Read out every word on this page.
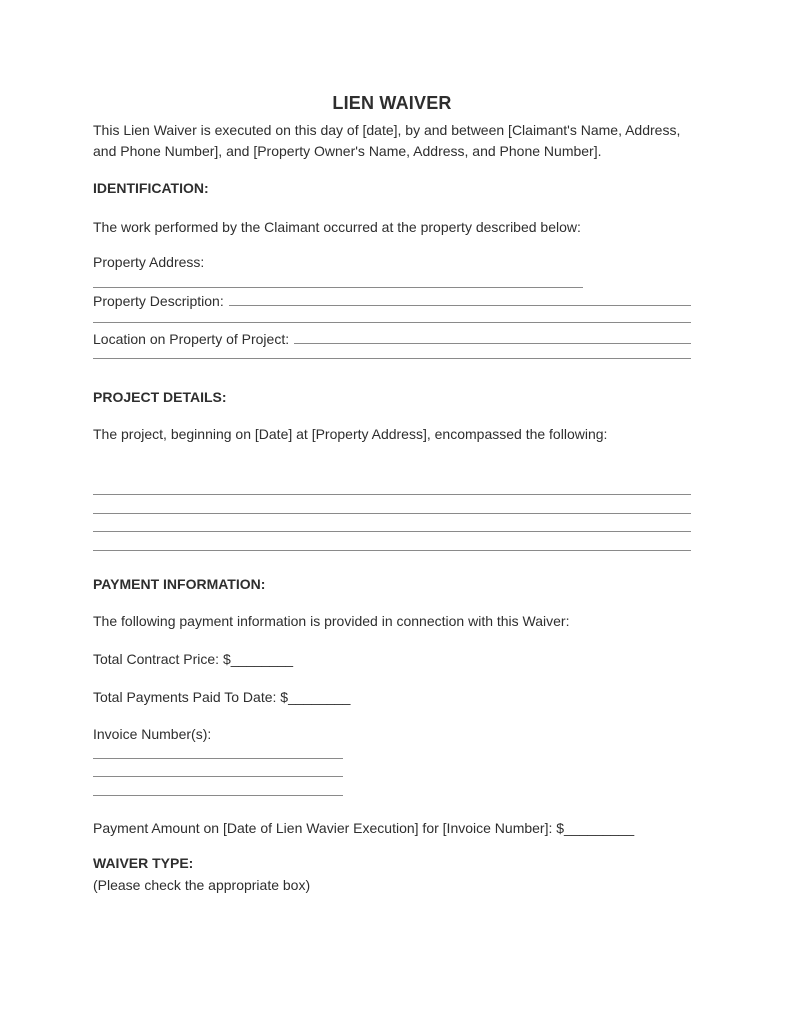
LIEN WAIVER

This Lien Waiver is executed on this day of [date], by and between [Claimant's Name, Address, and Phone Number], and [Property Owner's Name, Address, and Phone Number].

IDENTIFICATION:

The work performed by the Claimant occurred at the property described below:

Property Address:

Property Description:
Location on Property of Project:
PROJECT DETAILS:

The project, beginning on [Date] at [Property Address], encompassed the following:

PAYMENT INFORMATION:

The following payment information is provided in connection with this Waiver:

Total Contract Price: $________

Total Payments Paid To Date: $________

Invoice Number(s):

Payment Amount on [Date of Lien Wavier Execution] for [Invoice Number]: $_________

WAIVER TYPE:

(Please check the appropriate box)
